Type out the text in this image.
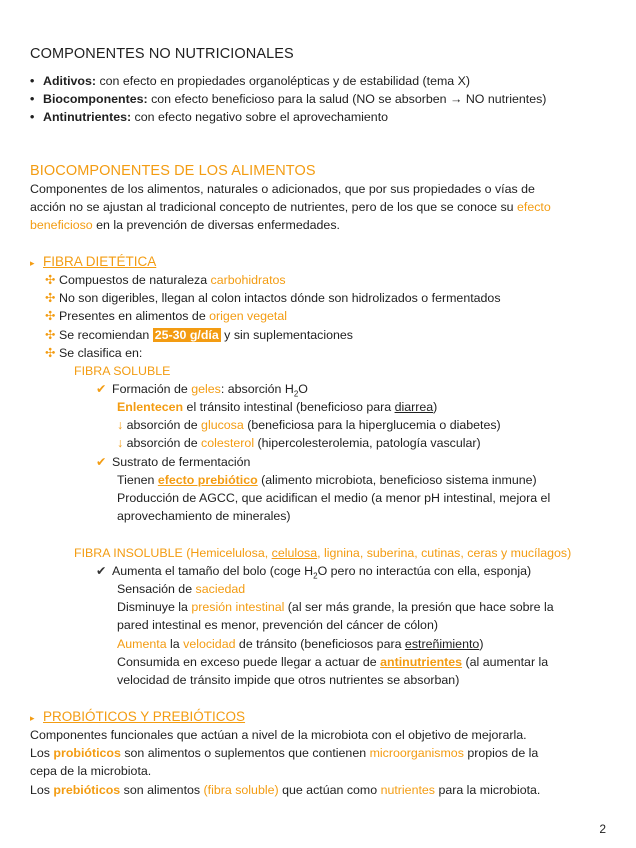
COMPONENTES NO NUTRICIONALES
• Aditivos: con efecto en propiedades organolépticas y de estabilidad (tema X)
• Biocomponentes: con efecto beneficioso para la salud (NO se absorben → NO nutrientes)
• Antinutrientes: con efecto negativo sobre el aprovechamiento
BIOCOMPONENTES DE LOS ALIMENTOS
Componentes de los alimentos, naturales o adicionados, que por sus propiedades o vías de
acción no se ajustan al tradicional concepto de nutrientes, pero de los que se conoce su efecto
beneficioso en la prevención de diversas enfermedades.
▸ FIBRA DIETÉTICA
✣ Compuestos de naturaleza carbohidratos
✣ No son digeribles, llegan al colon intactos dónde son hidrolizados o fermentados
✣ Presentes en alimentos de origen vegetal
✣ Se recomiendan 25-30 g/día y sin suplementaciones
✣ Se clasifica en:
FIBRA SOLUBLE
✔ Formación de geles: absorción $H_2O$
Enlentecen el tránsito intestinal (beneficioso para diarrea)
↓ absorción de glucosa (beneficiosa para la hiperglucemia o diabetes)
↓ absorción de colesterol (hipercolesterolemia, patología vascular)
✔ Sustrato de fermentación
Tienen efecto prebiótico (alimento microbiota, beneficioso sistema inmune)
Producción de AGCC, que acidifican el medio (a menor pH intestinal, mejora el
aprovechamiento de minerales)
FIBRA INSOLUBLE (Hemicelulosa, celulosa, lignina, suberina, cutinas, ceras y mucílagos)
✔ Aumenta el tamaño del bolo (coge $H_2O$ pero no interactúa con ella, esponja)
Sensación de saciedad
Disminuye la presión intestinal (al ser más grande, la presión que hace sobre la
pared intestinal es menor, prevención del cáncer de cólon)
Aumenta la velocidad de tránsito (beneficiosos para estreñimiento)
Consumida en exceso puede llegar a actuar de antinutrientes (al aumentar la
velocidad de tránsito impide que otros nutrientes se absorban)
▸ PROBIÓTICOS Y PREBIÓTICOS
Componentes funcionales que actúan a nivel de la microbiota con el objetivo de mejorarla.
Los probióticos son alimentos o suplementos que contienen microorganismos propios de la
cepa de la microbiota.
Los prebióticos son alimentos (fibra soluble) que actúan como nutrientes para la microbiota.
2
